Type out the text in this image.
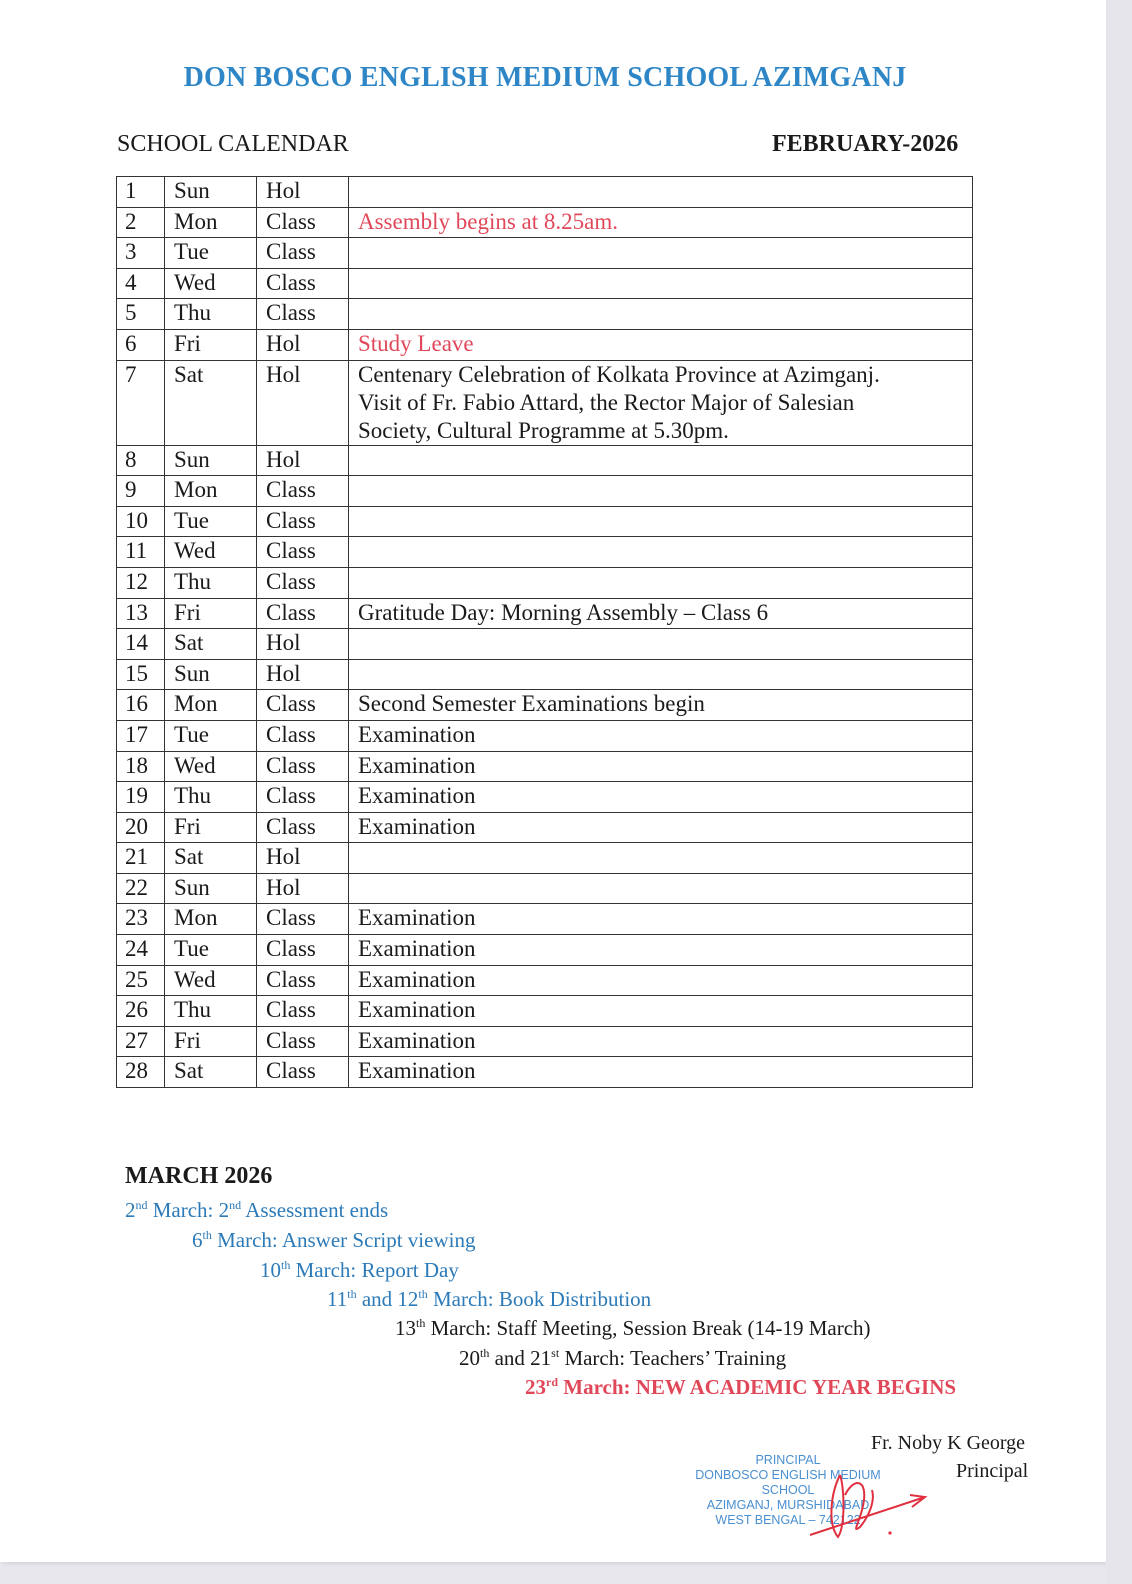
DON BOSCO ENGLISH MEDIUM SCHOOL AZIMGANJ
SCHOOL CALENDAR	FEBRUARY-2026
1	Sun	Hol	
2	Mon	Class	Assembly begins at 8.25am.
3	Tue	Class	
4	Wed	Class	
5	Thu	Class	
6	Fri	Hol	Study Leave
7	Sat	Hol	Centenary Celebration of Kolkata Province at Azimganj.
Visit of Fr. Fabio Attard, the Rector Major of Salesian
Society, Cultural Programme at 5.30pm.

8	Sun	Hol	
9	Mon	Class	
10	Tue	Class	
11	Wed	Class	
12	Thu	Class	
13	Fri	Class	Gratitude Day: Morning Assembly – Class 6
14	Sat	Hol	
15	Sun	Hol	
16	Mon	Class	Second Semester Examinations begin
17	Tue	Class	Examination
18	Wed	Class	Examination
19	Thu	Class	Examination
20	Fri	Class	Examination
21	Sat	Hol	
22	Sun	Hol	
23	Mon	Class	Examination
24	Tue	Class	Examination
25	Wed	Class	Examination
26	Thu	Class	Examination
27	Fri	Class	Examination
28	Sat	Class	Examination
MARCH 2026
2nd March: 2nd Assessment ends
6th March: Answer Script viewing
10th March: Report Day
11th and 12th March: Book Distribution
13th March: Staff Meeting, Session Break (14-19 March)
20th and 21st March: Teachers’ Training
23rd March: NEW ACADEMIC YEAR BEGINS
PRINCIPAL
DONBOSCO ENGLISH MEDIUM SCHOOL
AZIMGANJ, MURSHIDABAD
WEST BENGAL – 742122
Fr. Noby K George
Principal
